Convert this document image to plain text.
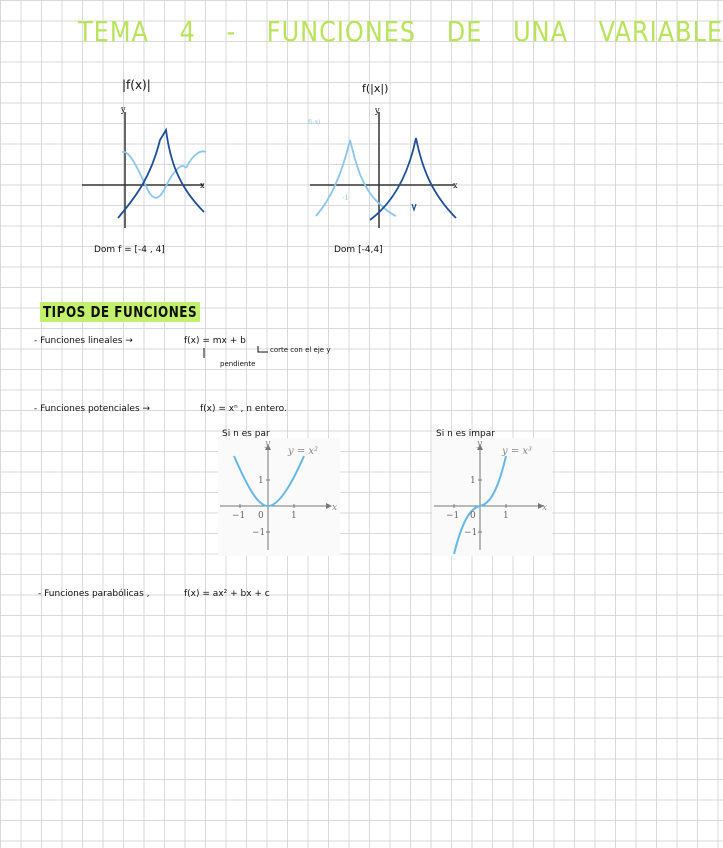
TEMA 4 - FUNCIONES DE UNA VARIABLE
|f(x)|
y
x
Dom f = [-4 , 4]
f(|x|)
y
x
f(-x)
-1
Dom [-4,4]
TIPOS DE FUNCIONES
- Funciones lineales →	f(x) = mx + b
corte con el eje y
pendiente
- Funciones potenciales →	f(x) = xⁿ , n entero.
Si n es par	Si n es impar
y = x²
x
y
−1 0	1
1
−1
y = x³
x
y
−1 0	1
1
−1
- Funciones parabólicas ,	f(x) = ax² + bx + c
